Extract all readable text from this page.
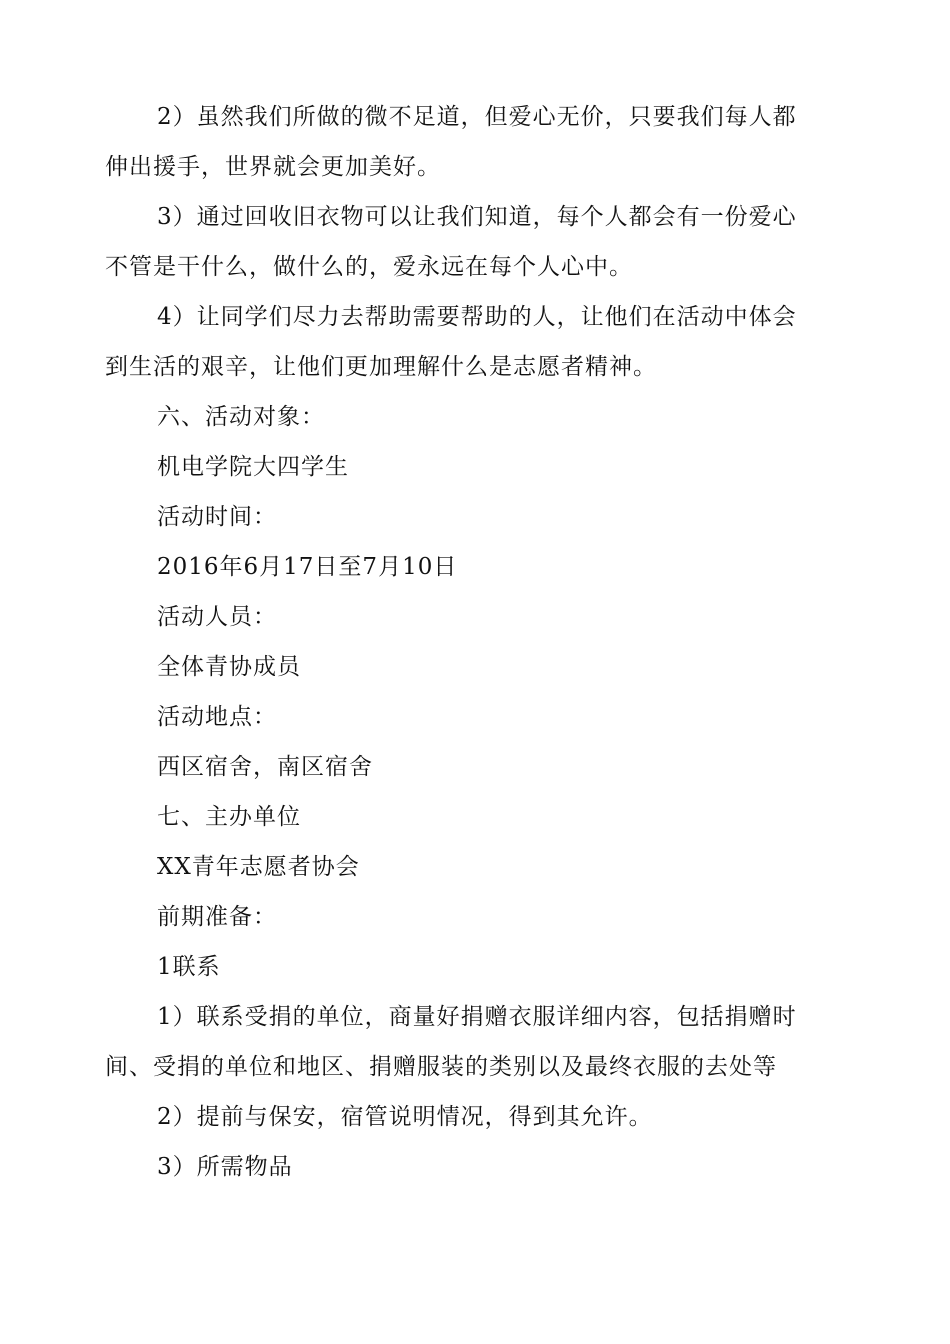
2）虽然我们所做的微不足道，但爱心无价，只要我们每人都
伸出援手，世界就会更加美好。

3）通过回收旧衣物可以让我们知道，每个人都会有一份爱心
不管是干什么，做什么的，爱永远在每个人心中。

4）让同学们尽力去帮助需要帮助的人，让他们在活动中体会
到生活的艰辛，让他们更加理解什么是志愿者精神。

六、活动对象：

机电学院大四学生

活动时间：

2016年6月17日至7月10日

活动人员：

全体青协成员

活动地点：

西区宿舍，南区宿舍

七、主办单位

XX青年志愿者协会

前期准备：

1联系

1）联系受捐的单位，商量好捐赠衣服详细内容，包括捐赠时
间、受捐的单位和地区、捐赠服装的类别以及最终衣服的去处等

2）提前与保安，宿管说明情况，得到其允许。

3）所需物品
